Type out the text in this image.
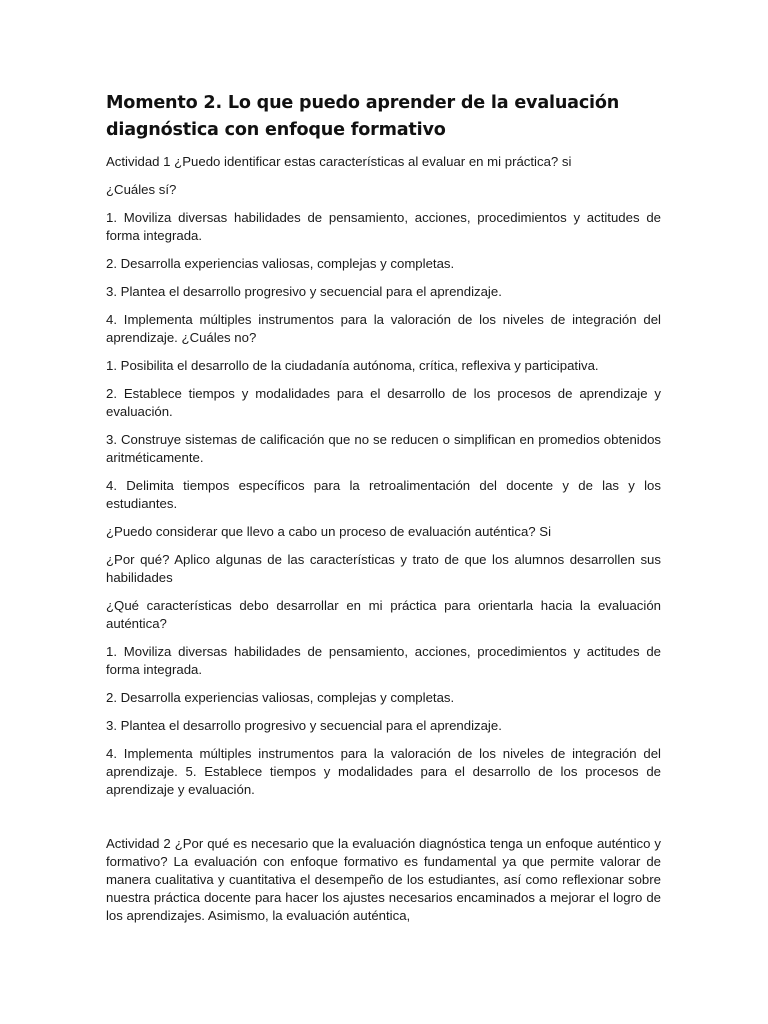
Momento 2. Lo que puedo aprender de la evaluación diagnóstica con enfoque formativo

Actividad 1 ¿Puedo identificar estas características al evaluar en mi práctica? si

¿Cuáles sí?

1. Moviliza diversas habilidades de pensamiento, acciones, procedimientos y actitudes de forma integrada.

2. Desarrolla experiencias valiosas, complejas y completas.

3. Plantea el desarrollo progresivo y secuencial para el aprendizaje.

4. Implementa múltiples instrumentos para la valoración de los niveles de integración del aprendizaje. ¿Cuáles no?

1. Posibilita el desarrollo de la ciudadanía autónoma, crítica, reflexiva y participativa.

2. Establece tiempos y modalidades para el desarrollo de los procesos de aprendizaje y evaluación.

3. Construye sistemas de calificación que no se reducen o simplifican en promedios obtenidos aritméticamente.

4. Delimita tiempos específicos para la retroalimentación del docente y de las y los estudiantes.

¿Puedo considerar que llevo a cabo un proceso de evaluación auténtica? Si

¿Por qué? Aplico algunas de las características y trato de que los alumnos desarrollen sus habilidades

¿Qué características debo desarrollar en mi práctica para orientarla hacia la evaluación auténtica?

1. Moviliza diversas habilidades de pensamiento, acciones, procedimientos y actitudes de forma integrada.

2. Desarrolla experiencias valiosas, complejas y completas.

3. Plantea el desarrollo progresivo y secuencial para el aprendizaje.

4. Implementa múltiples instrumentos para la valoración de los niveles de integración del aprendizaje. 5. Establece tiempos y modalidades para el desarrollo de los procesos de aprendizaje y evaluación.

Actividad 2 ¿Por qué es necesario que la evaluación diagnóstica tenga un enfoque auténtico y formativo? La evaluación con enfoque formativo es fundamental ya que permite valorar de manera cualitativa y cuantitativa el desempeño de los estudiantes, así como reflexionar sobre nuestra práctica docente para hacer los ajustes necesarios encaminados a mejorar el logro de los aprendizajes. Asimismo, la evaluación auténtica,
